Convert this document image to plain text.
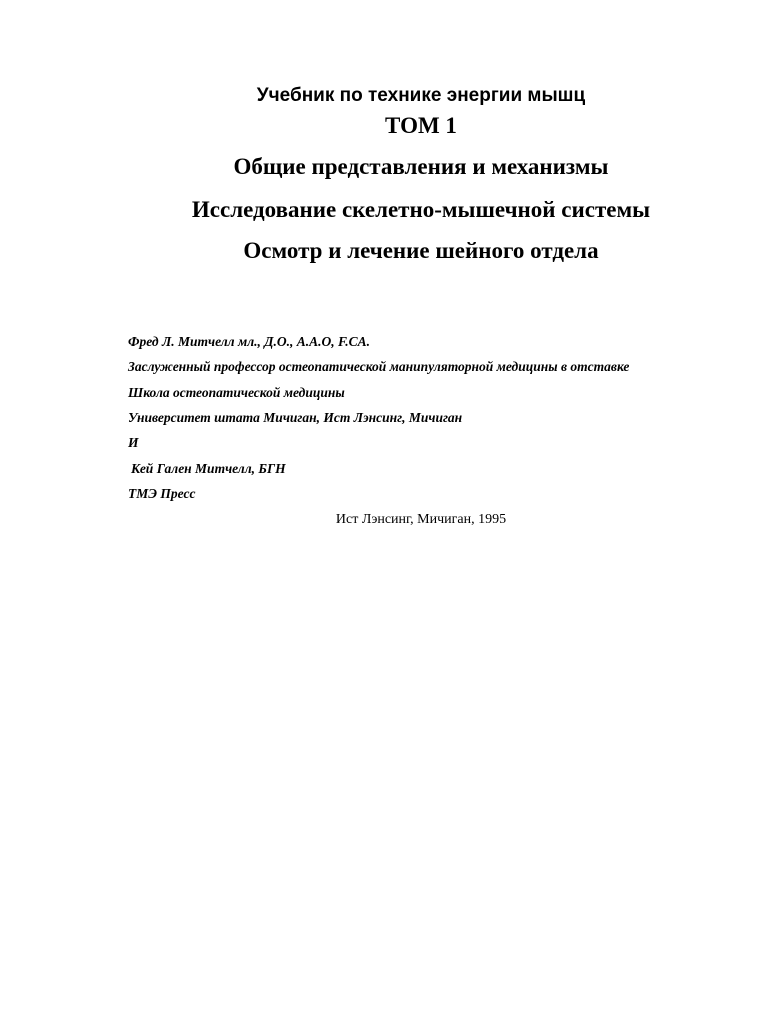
Учебник по технике энергии мышц
ТОМ 1
Общие представления и механизмы
Исследование скелетно-мышечной системы
Осмотр и лечение шейного отдела
Фред Л. Митчелл мл., Д.О., А.А.О, F.CA.
Заслуженный профессор остеопатической манипуляторной медицины в отставке
Школа остеопатической медицины
Университет штата Мичиган, Ист Лэнсинг, Мичиган
И
Кей Гален Митчелл, БГН
ТМЭ Пресс
Ист Лэнсинг, Мичиган, 1995
